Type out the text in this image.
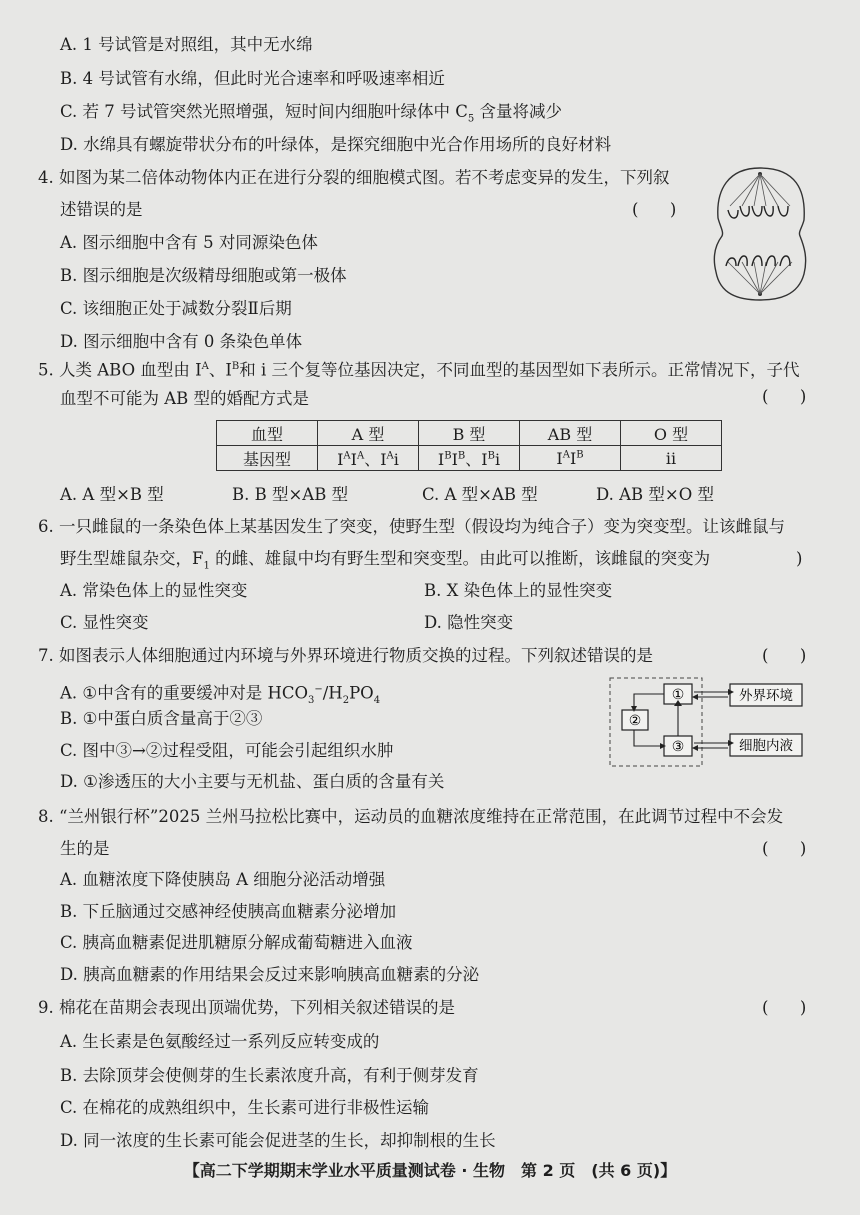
A. 1 号试管是对照组，其中无水绵
B. 4 号试管有水绵，但此时光合速率和呼吸速率相近
C. 若 7 号试管突然光照增强，短时间内细胞叶绿体中 $C_5$ 含量将减少
D. 水绵具有螺旋带状分布的叶绿体，是探究细胞中光合作用场所的良好材料
4. 如图为某二倍体动物体内正在进行分裂的细胞模式图。若不考虑变异的发生，下列叙
述错误的是	(      )
A. 图示细胞中含有 5 对同源染色体
B. 图示细胞是次级精母细胞或第一极体
C. 该细胞正处于减数分裂Ⅱ后期
D. 图示细胞中含有 0 条染色单体
5. 人类 ABO 血型由 $I^A$、$I^B$和 i 三个复等位基因决定，不同血型的基因型如下表所示。正常情况下，子代
血型不可能为 AB 型的婚配方式是	(      )
血型	A 型	B 型	AB 型	O 型
基因型	$I^AI^A$、$I^Ai$	$I^BI^B$、$I^Bi$	$I^AI^B$	ii
A. A 型×B 型	B. B 型×AB 型	C. A 型×AB 型	D. AB 型×O 型
6. 一只雌鼠的一条染色体上某基因发生了突变，使野生型（假设均为纯合子）变为突变型。让该雌鼠与
野生型雄鼠杂交，$F_1$ 的雌、雄鼠中均有野生型和突变型。由此可以推断，该雌鼠的突变为	)
A. 常染色体上的显性突变	B. X 染色体上的显性突变
C. 显性突变	D. 隐性突变
7. 如图表示人体细胞通过内环境与外界环境进行物质交换的过程。下列叙述错误的是	(      )
A. ①中含有的重要缓冲对是 $HCO_3^-/H_2PO_4$
B. ①中蛋白质含量高于②③
C. 图中③→②过程受阻，可能会引起组织水肿
D. ①渗透压的大小主要与无机盐、蛋白质的含量有关
①
②
③
外界环境
细胞内液
8. “兰州银行杯”2025 兰州马拉松比赛中，运动员的血糖浓度维持在正常范围，在此调节过程中不会发
生的是	(      )
A. 血糖浓度下降使胰岛 A 细胞分泌活动增强
B. 下丘脑通过交感神经使胰高血糖素分泌增加
C. 胰高血糖素促进肌糖原分解成葡萄糖进入血液
D. 胰高血糖素的作用结果会反过来影响胰高血糖素的分泌
9. 棉花在苗期会表现出顶端优势，下列相关叙述错误的是	(      )
A. 生长素是色氨酸经过一系列反应转变成的
B. 去除顶芽会使侧芽的生长素浓度升高，有利于侧芽发育
C. 在棉花的成熟组织中，生长素可进行非极性运输
D. 同一浓度的生长素可能会促进茎的生长，却抑制根的生长
【高二下学期期末学业水平质量测试卷 · 生物　第 2 页　(共 6 页)】
